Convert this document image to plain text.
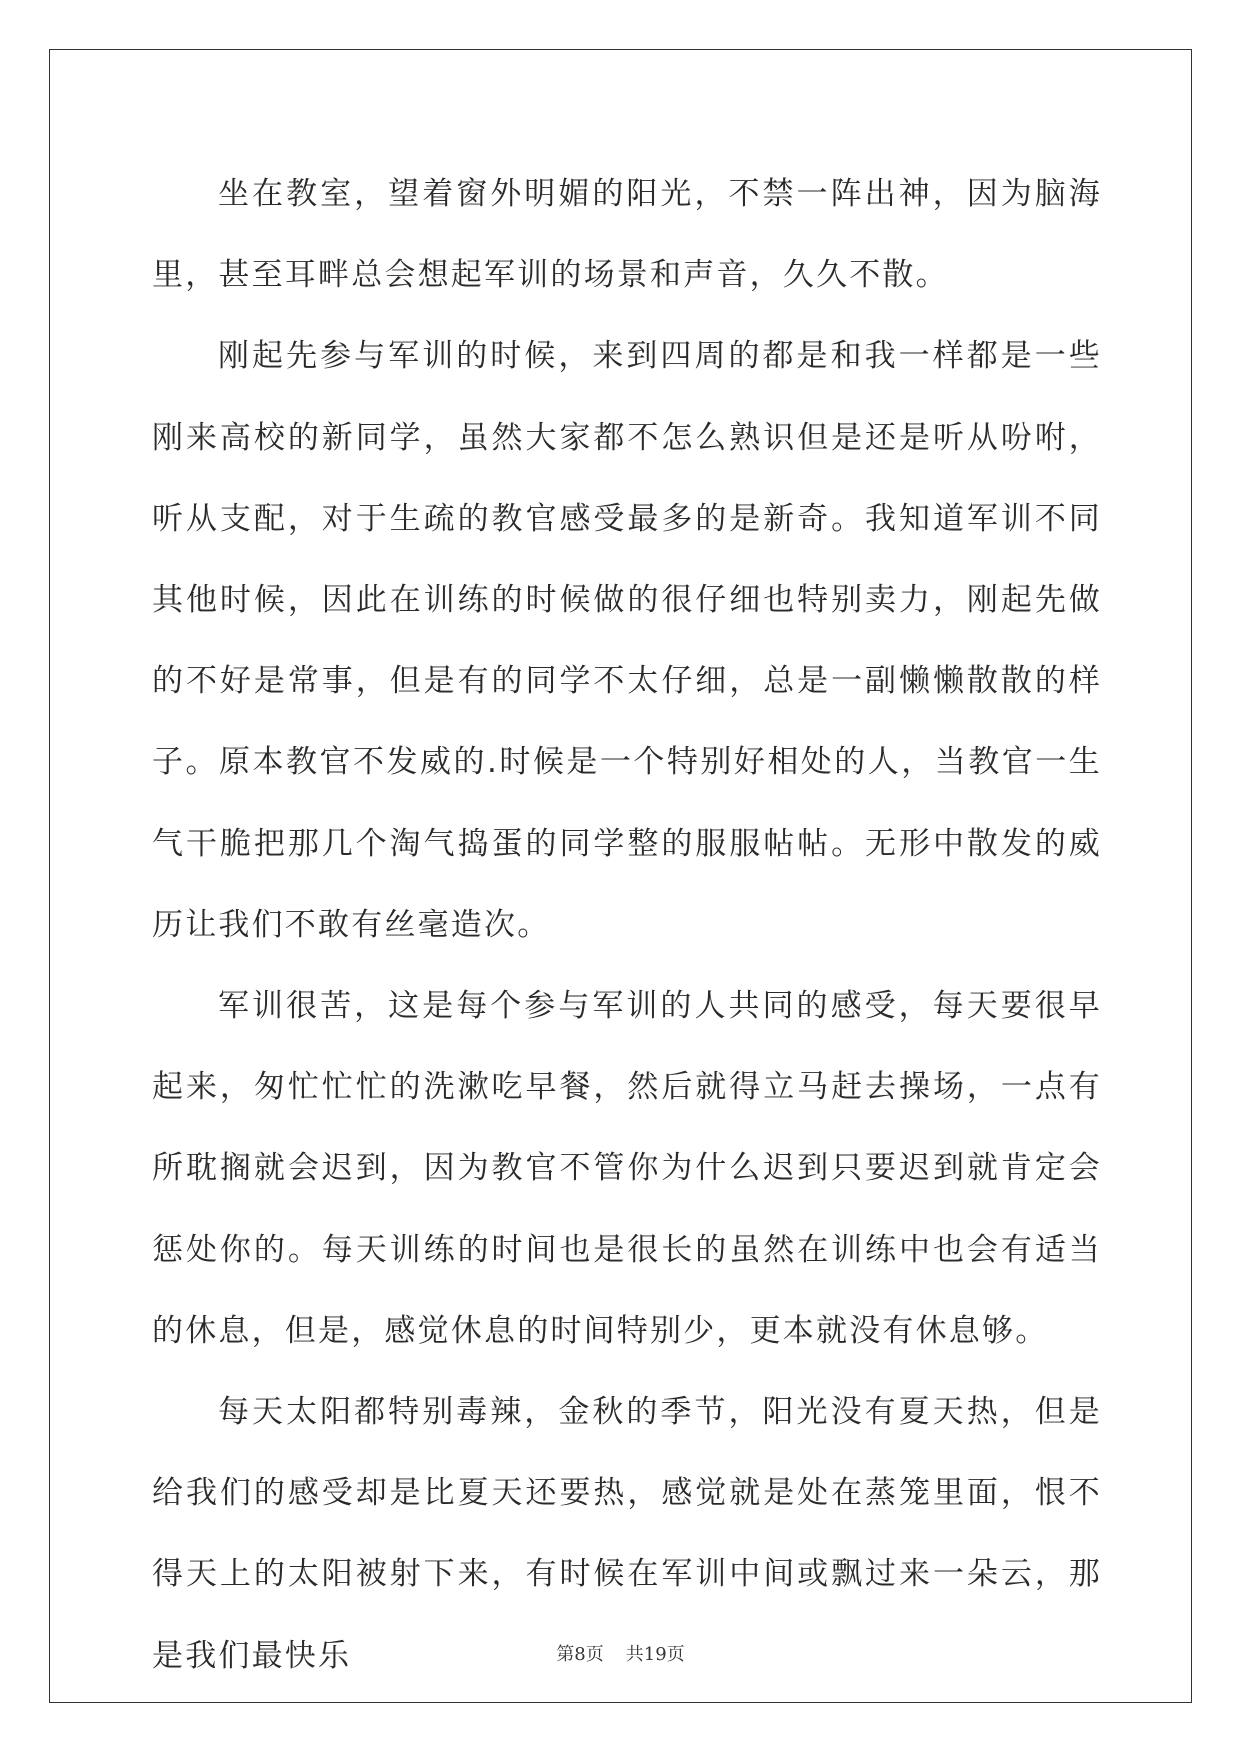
坐在教室，望着窗外明媚的阳光，不禁一阵出神，因为脑海里，甚至耳畔总会想起军训的场景和声音，久久不散。

刚起先参与军训的时候，来到四周的都是和我一样都是一些刚来高校的新同学，虽然大家都不怎么熟识但是还是听从吩咐，听从支配，对于生疏的教官感受最多的是新奇。我知道军训不同其他时候，因此在训练的时候做的很仔细也特别卖力，刚起先做的不好是常事，但是有的同学不太仔细，总是一副懒懒散散的样子。原本教官不发威的.时候是一个特别好相处的人，当教官一生气干脆把那几个淘气捣蛋的同学整的服服帖帖。无形中散发的威历让我们不敢有丝毫造次。

军训很苦，这是每个参与军训的人共同的感受，每天要很早起来，匆忙忙忙的洗漱吃早餐，然后就得立马赶去操场，一点有所耽搁就会迟到，因为教官不管你为什么迟到只要迟到就肯定会惩处你的。每天训练的时间也是很长的虽然在训练中也会有适当的休息，但是，感觉休息的时间特别少，更本就没有休息够。

每天太阳都特别毒辣，金秋的季节，阳光没有夏天热，但是给我们的感受却是比夏天还要热，感觉就是处在蒸笼里面，恨不得天上的太阳被射下来，有时候在军训中间或飘过来一朵云，那是我们最快乐	第8页 共19页
